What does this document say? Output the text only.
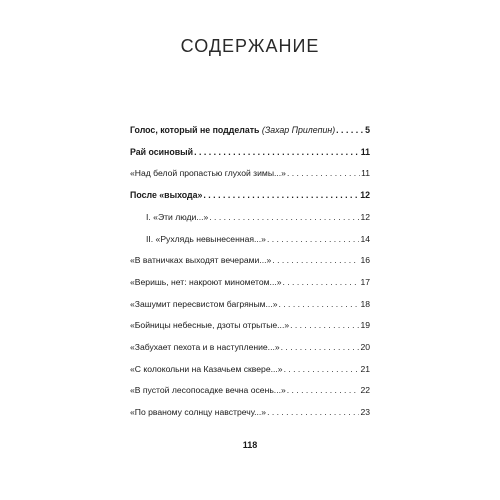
СОДЕРЖАНИЕ
Голос, который не подделать (Захар Прилепин) . . .	5
Рай осиновый . . .	11
«Над белой пропастью глухой зимы...» . . .	11
После «выхода» . . .	12
I. «Эти люди...» . . .	12
II. «Рухлядь невынесенная...» . . .	14
«В ватничках выходят вечерами...» . . .	16
«Веришь, нет: накроют минометом...» . . .	17
«Зашумит пересвистом багряным...» . . .	18
«Бойницы небесные, дзоты отрытые...» . . .	19
«Забухает пехота и в наступление...» . . .	20
«С колокольни на Казачьем сквере...» . . .	21
«В пустой лесопосадке вечна осень...» . . .	22
«По рваному солнцу навстречу...» . . .	23
118
